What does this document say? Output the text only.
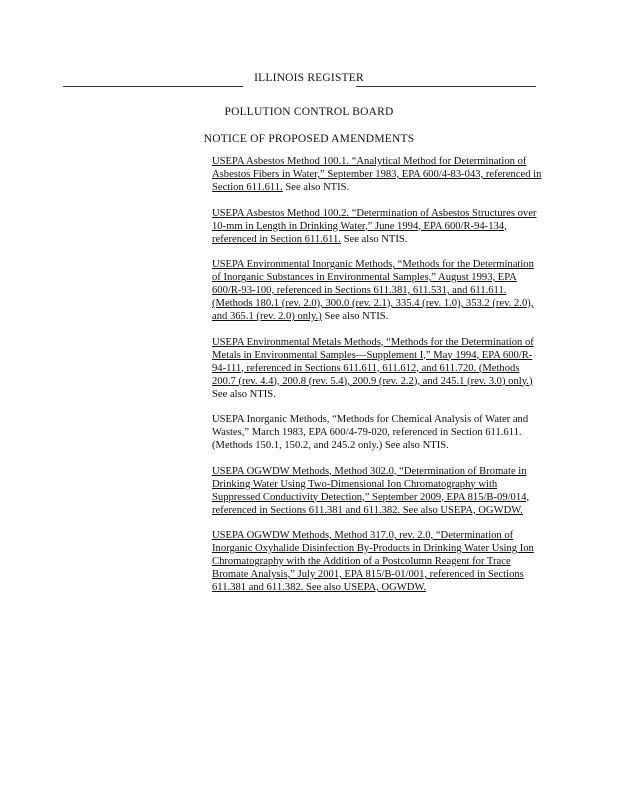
ILLINOIS REGISTER
POLLUTION CONTROL BOARD
NOTICE OF PROPOSED AMENDMENTS

USEPA Asbestos Method 100.1. “Analytical Method for Determination of Asbestos Fibers in Water,” September 1983, EPA 600/4-83-043, referenced in Section 611.611. See also NTIS.

USEPA Asbestos Method 100.2. “Determination of Asbestos Structures over 10-mm in Length in Drinking Water,” June 1994, EPA 600/R-94-134, referenced in Section 611.611. See also NTIS.

USEPA Environmental Inorganic Methods, “Methods for the Determination of Inorganic Substances in Environmental Samples,” August 1993, EPA 600/R-93-100, referenced in Sections 611.381, 611.531, and 611.611. (Methods 180.1 (rev. 2.0), 300.0 (rev. 2.1), 335.4 (rev. 1.0), 353.2 (rev. 2.0), and 365.1 (rev. 2.0) only.) See also NTIS.

USEPA Environmental Metals Methods, “Methods for the Determination of Metals in Environmental Samples—Supplement I,” May 1994, EPA 600/R-94-111, referenced in Sections 611.611, 611.612, and 611.720. (Methods 200.7 (rev. 4.4), 200.8 (rev. 5.4), 200.9 (rev. 2.2), and 245.1 (rev. 3.0) only.) See also NTIS.

USEPA Inorganic Methods, “Methods for Chemical Analysis of Water and Wastes,” March 1983, EPA 600/4-79-020, referenced in Section 611.611. (Methods 150.1, 150.2, and 245.2 only.) See also NTIS.

USEPA OGWDW Methods, Method 302.0, “Determination of Bromate in Drinking Water Using Two-Dimensional Ion Chromatography with Suppressed Conductivity Detection,” September 2009, EPA 815/B-09/014, referenced in Sections 611.381 and 611.382. See also USEPA, OGWDW.

USEPA OGWDW Methods, Method 317.0, rev. 2.0, “Determination of Inorganic Oxyhalide Disinfection By-Products in Drinking Water Using Ion Chromatography with the Addition of a Postcolumn Reagent for Trace Bromate Analysis,” July 2001, EPA 815/B-01/001, referenced in Sections 611.381 and 611.382. See also USEPA, OGWDW.
